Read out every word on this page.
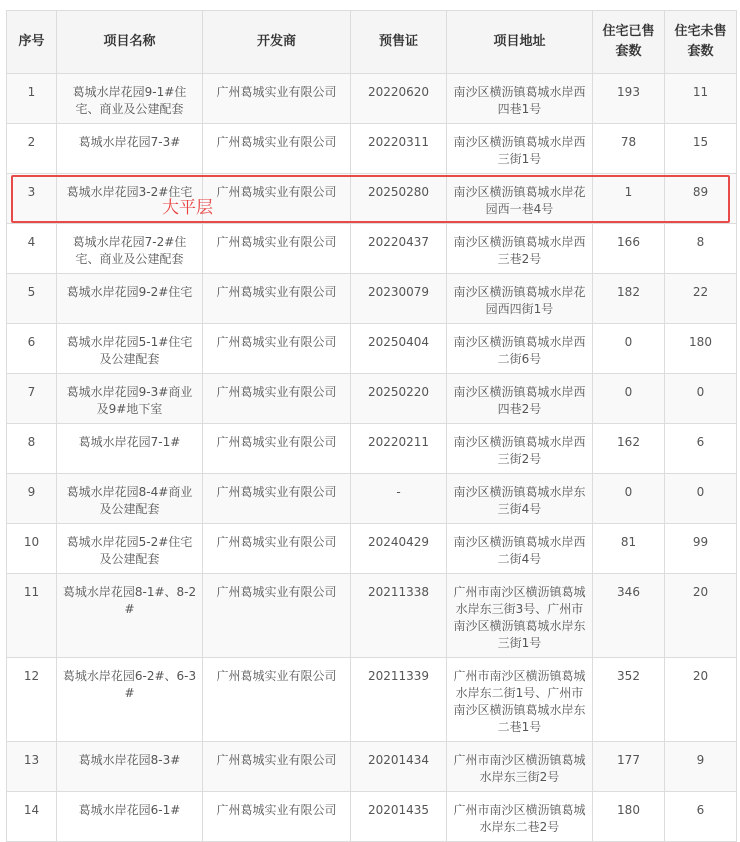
序号	项目名称	开发商	预售证	项目地址	住宅已售套数	住宅未售套数
1	葛城水岸花园9-1#住宅、商业及公建配套	广州葛城实业有限公司	20220620	南沙区横沥镇葛城水岸西四巷1号	193	11
2	葛城水岸花园7-3#	广州葛城实业有限公司	20220311	南沙区横沥镇葛城水岸西三街1号	78	15
3	葛城水岸花园3-2#住宅	广州葛城实业有限公司	20250280	南沙区横沥镇葛城水岸花园西一巷4号	1	89
4	葛城水岸花园7-2#住宅、商业及公建配套	广州葛城实业有限公司	20220437	南沙区横沥镇葛城水岸西三巷2号	166	8
5	葛城水岸花园9-2#住宅	广州葛城实业有限公司	20230079	南沙区横沥镇葛城水岸花园西四街1号	182	22
6	葛城水岸花园5-1#住宅及公建配套	广州葛城实业有限公司	20250404	南沙区横沥镇葛城水岸西二街6号	0	180
7	葛城水岸花园9-3#商业及9#地下室	广州葛城实业有限公司	20250220	南沙区横沥镇葛城水岸西四巷2号	0	0
8	葛城水岸花园7-1#	广州葛城实业有限公司	20220211	南沙区横沥镇葛城水岸西三街2号	162	6
9	葛城水岸花园8-4#商业及公建配套	广州葛城实业有限公司	-	南沙区横沥镇葛城水岸东三街4号	0	0
10	葛城水岸花园5-2#住宅及公建配套	广州葛城实业有限公司	20240429	南沙区横沥镇葛城水岸西二街4号	81	99
11	葛城水岸花园8-1#、8-2#	广州葛城实业有限公司	20211338	广州市南沙区横沥镇葛城水岸东三街3号、广州市南沙区横沥镇葛城水岸东三街1号	346	20
12	葛城水岸花园6-2#、6-3#	广州葛城实业有限公司	20211339	广州市南沙区横沥镇葛城水岸东二街1号、广州市南沙区横沥镇葛城水岸东二巷1号	352	20
13	葛城水岸花园8-3#	广州葛城实业有限公司	20201434	广州市南沙区横沥镇葛城水岸东三街2号	177	9
14	葛城水岸花园6-1#	广州葛城实业有限公司	20201435	广州市南沙区横沥镇葛城水岸东二巷2号	180	6
大平层
